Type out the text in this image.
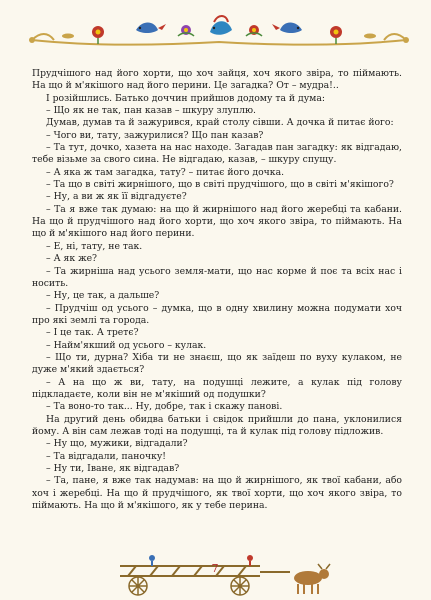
Прудчішого над його хорти, що хоч зайця, хоч якого звіра, то піймають. На що й м'якішого над його перини. Це загадка? От – мудра!..

І розійшлись. Батько доччин прийшов додому та й дума:

– Що як не так, пан казав – шкуру злуплю.

Думав, думав та й зажурився, край столу сівши. А дочка й питає його:

– Чого ви, тату, зажурилися? Що пан казав?

– Та тут, дочко, хазета на нас находе. Загадав пан загадку: як відгадаю, тебе візьме за свого сина. Не відгадаю, казав, – шкуру спущу.

– А яка ж там загадка, тату? – питає його дочка.

– Та що в світі жирнішого, що в світі прудчішого, що в світі м'якішого?

– Ну, а ви ж як її відгадуєте?

– Та я вже так думаю: на що й жирнішого над його жеребці та кабани. На що й прудчішого над його хорти, що хоч якого звіра, то піймають. На що й м'якішого над його перини.

– Е, ні, тату, не так.

– А як же?

– Та жирніша над усього земля-мати, що нас корме й поє та всіх нас і носить.

– Ну, це так, а дальше?

– Прудчіш од усього – думка, що в одну хвилину можна подумати хоч про які землі та города.

– І це так. А третє?

– Найм'якший од усього – кулак.

– Що ти, дурна? Хіба ти не знаєш, що як заїдеш по вуху кулаком, не дуже м'який здається?

– А на що ж ви, тату, на подушці лежите, а кулак під голову підкладаєте, коли він не м'якіший од подушки?

– Та воно-то так... Ну, добре, так і скажу панові.

На другий день обидва батьки і свідок прийшли до пана, уклонилися йому. А він сам лежав тоді на подушці, та й кулак під голову підложив.

– Ну що, мужики, відгадали?

– Та відгадали, паночку!

– Ну ти, Іване, як відгадав?

– Та, пане, я вже так надумав: на що й жирнішого, як твої кабани, або хоч і жеребці. На що й прудчішого, як твої хорти, що хоч якого звіра, то піймають. На що й м'якішого, як у тебе перина.

7
